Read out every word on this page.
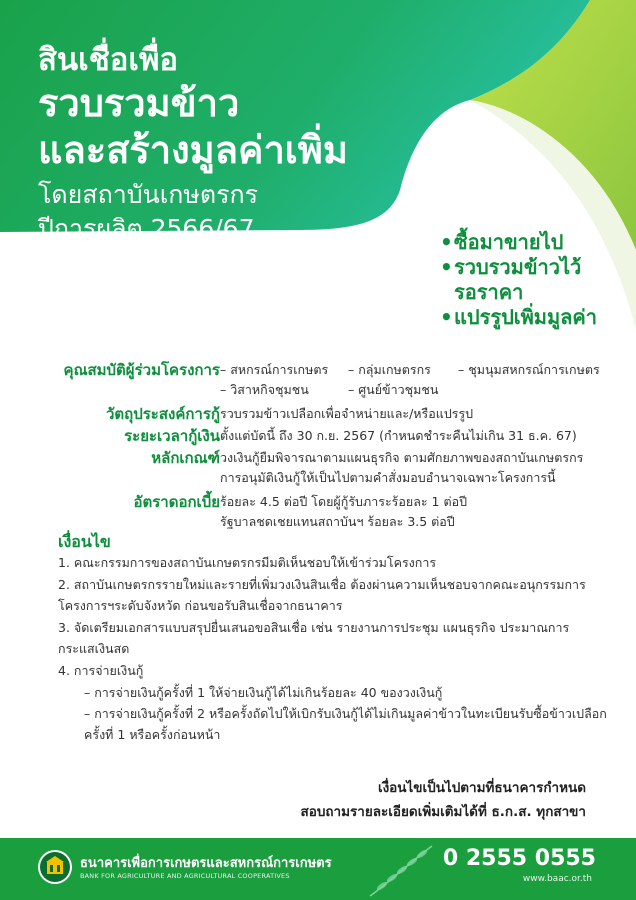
สินเชื่อเพื่อ
รวบรวมข้าว
และสร้างมูลค่าเพิ่ม
โดยสถาบันเกษตรกร
ปีการผลิต 2566/67	• ซื้อมาขายไป
• รวบรวมข้าวไว้
รอราคา
• แปรรูปเพิ่มมูลค่า
คุณสมบัติผู้ร่วมโครงการ – สหกรณ์การเกษตร – กลุ่มเกษตรกร – ชุมนุมสหกรณ์การเกษตร
– วิสาหกิจชุมชน	– ศูนย์ข้าวชุมชน
วัตถุประสงค์การกู้ รวบรวมข้าวเปลือกเพื่อจำหน่ายและ/หรือแปรรูป
ระยะเวลากู้เงิน ตั้งแต่บัดนี้ ถึง 30 ก.ย. 2567 (กำหนดชำระคืนไม่เกิน 31 ธ.ค. 67)
หลักเกณฑ์ วงเงินกู้ยืมพิจารณาตามแผนธุรกิจ ตามศักยภาพของสถาบันเกษตรกร
การอนุมัติเงินกู้ให้เป็นไปตามคำสั่งมอบอำนาจเฉพาะโครงการนี้
อัตราดอกเบี้ย ร้อยละ 4.5 ต่อปี โดยผู้กู้รับภาระร้อยละ 1 ต่อปี
รัฐบาลชดเชยแทนสถาบันฯ ร้อยละ 3.5 ต่อปี
เงื่อนไข
1. คณะกรรมการของสถาบันเกษตรกรมีมติเห็นชอบให้เข้าร่วมโครงการ
2. สถาบันเกษตรกรรายใหม่และรายที่เพิ่มวงเงินสินเชื่อ ต้องผ่านความเห็นชอบจากคณะอนุกรรมการ
โครงการฯระดับจังหวัด ก่อนขอรับสินเชื่อจากธนาคาร
3. จัดเตรียมเอกสารแบบสรุปยื่นเสนอขอสินเชื่อ เช่น รายงานการประชุม แผนธุรกิจ ประมาณการ
กระแสเงินสด
4. การจ่ายเงินกู้
– การจ่ายเงินกู้ครั้งที่ 1 ให้จ่ายเงินกู้ได้ไม่เกินร้อยละ 40 ของวงเงินกู้
– การจ่ายเงินกู้ครั้งที่ 2 หรือครั้งถัดไปให้เบิกรับเงินกู้ได้ไม่เกินมูลค่าข้าวในทะเบียนรับซื้อข้าวเปลือก
ครั้งที่ 1 หรือครั้งก่อนหน้า
เงื่อนไขเป็นไปตามที่ธนาคารกำหนด
สอบถามรายละเอียดเพิ่มเติมได้ที่ ธ.ก.ส. ทุกสาขา
ธนาคารเพื่อการเกษตรและสหกรณ์การเกษตร
BANK FOR AGRICULTURE AND AGRICULTURAL COOPERATIVES
0 2555 0555
www.baac.or.th
